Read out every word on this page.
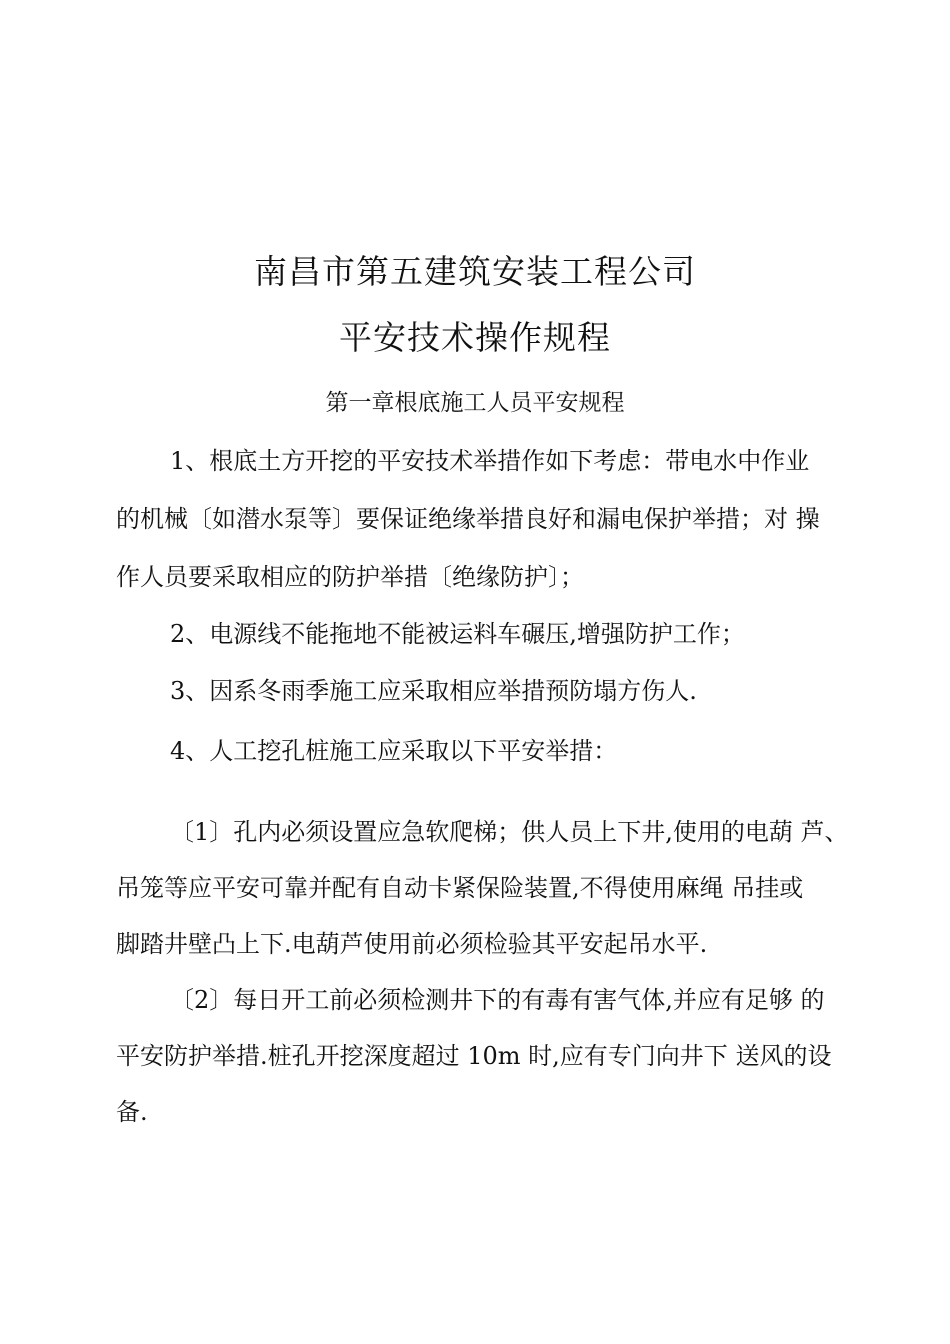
南昌市第五建筑安装工程公司
平安技术操作规程
第一章根底施工人员平安规程
1、根底土方开挖的平安技术举措作如下考虑：带电水中作业
的机械〔如潜水泵等〕要保证绝缘举措良好和漏电保护举措；对 操
作人员要采取相应的防护举措〔绝缘防护〕；
2、电源线不能拖地不能被运料车碾压,增强防护工作；
3、因系冬雨季施工应采取相应举措预防塌方伤人.
4、人工挖孔桩施工应采取以下平安举措：
〔1〕孔内必须设置应急软爬梯；供人员上下井,使用的电葫 芦、
吊笼等应平安可靠并配有自动卡紧保险装置,不得使用麻绳 吊挂或
脚踏井壁凸上下.电葫芦使用前必须检验其平安起吊水平.
〔2〕每日开工前必须检测井下的有毒有害气体,并应有足够 的
平安防护举措.桩孔开挖深度超过 10m 时,应有专门向井下 送风的设
备.
